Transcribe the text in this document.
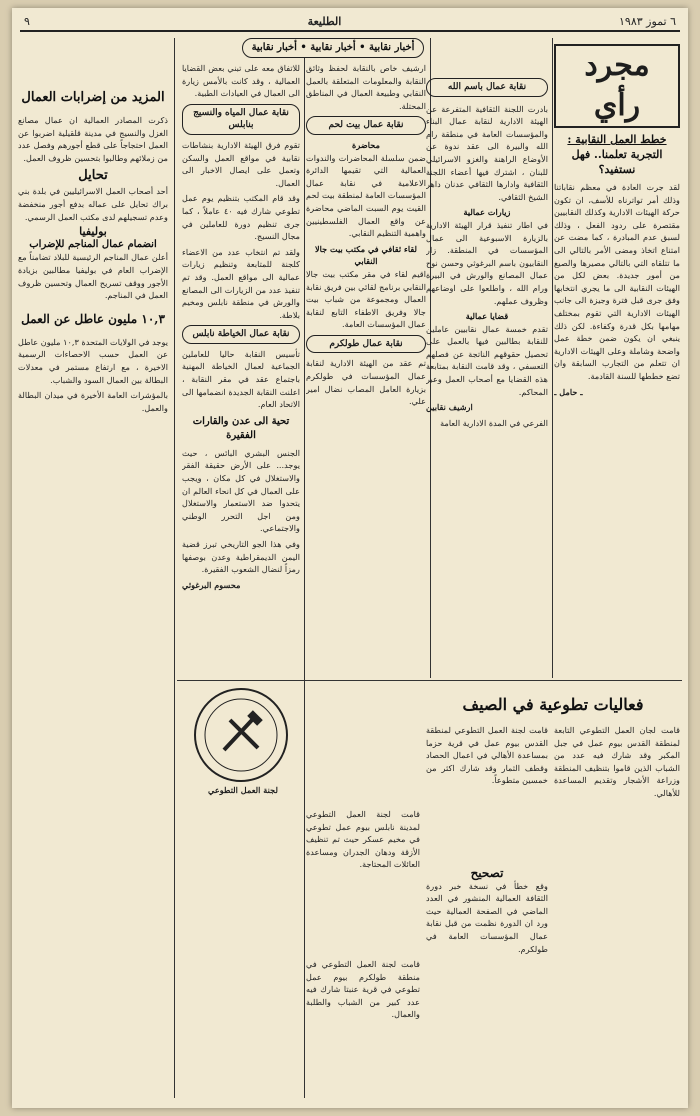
٦ تموز ١٩٨٣
الطليعة
٩
مجرد رأي
خطط العمل النقابية :
التجربة تعلمنا.. فهل نستفيد؟

لقد جرت العادة في معظم نقاباتنا وذلك أمر تواترناه للأسف، ان تكون حركة الهيئات الادارية وكذلك النقابيين مقتصرة على ردود الفعل ، وذلك لسبق عدم المبادرة ، كما مضت عن امتناع اتخاذ ومضى الأمر بالتالي الى ما تتلقاه التي بالتالي مصيرها والصيغ من أمور جديدة. بعض لكل من الهيئات النقابية الى ما يجري انتخابها وفق جرى قبل فترة وجيزة الى جانب الهيئات الادارية التي تقوم بمختلف مهامها بكل قدرة وكفاءة. لكن ذلك ينبغي ان يكون ضمن خطة عمل واضحة وشاملة وعلى الهيئات الادارية ان تتعلم من التجارب السابقة وان تضع خططها للسنة القادمة.

ـ حامل ـ

نقابة عمال باسم الله

بادرت اللجنة الثقافية المتفرعة عن الهيئة الادارية لنقابة عمال البناء والمؤسسات العامة في منطقة رام الله والبيرة الى عقد ندوة عن الأوضاع الراهنة والغزو الاسرائيلي للبنان ، اشترك فيها أعضاء اللجنة الثقافية وادارها الثقافي عدنان داهر الشيخ الثقافي.

زيارات عمالية

في اطار تنفيذ قرار الهيئة الادارية بالزيارة الاسبوعية الى عمال المؤسسات في المنطقة. زار النقابيون باسم البرغوثي وحسن نوح عمال المصانع والورش في البيرة ورام الله ، واطلعوا على اوضاعهم وظروف عملهم.

قضايا عمالية

تقدم خمسة عمال نقابيين عاملين للنقابة بطالبين فيها بالعمل على تحصيل حقوقهم الناتجة عن فصلهم التعسفي ، وقد قامت النقابة بمتابعة هذه القضايا مع أصحاب العمل وعبر المحاكم.

ارشيف نقابين

الفرعي في المدة الادارية العامة

أخبار نقابية • أخبار نقابية • أخبار نقابية

ارشيف خاص بالنقابة لحفظ وثائق النقابة والمعلومات المتعلقة بالعمل النقابي وطبيعة العمال في المناطق المحتلة.

نقابة عمال بيت لحم
محاضرة

ضمن سلسلة المحاضرات والندوات العمالية التي تقيمها الدائرة الاعلامية في نقابة عمال المؤسسات العامة لمنطقة بيت لحم القيت يوم السبت الماضي محاضرة عن واقع العمال الفلسطينيين واهمية التنظيم النقابي.

لقاء ثقافي في مكتب بيت جالا النقابي

اقيم لقاء في مقر مكتب بيت جالا النقابي برنامج لقائي بين فريق نقابة العمال ومجموعة من شباب بيت جالا وفريق الاطفاء التابع لنقابة عمال المؤسسات العامة.

نقابة عمال طولكرم

تم عقد من الهيئة الادارية لنقابة عمال المؤسسات في طولكرم بزيارة العامل المصاب نضال امير علي.

للاتفاق معه على تبني بعض القضايا العمالية ، وقد كانت بالأمس زيارة الى العمال في العيادات الطبية.

نقابة عمال المياه والنسيج بنابلس

تقوم فرق الهيئة الادارية بنشاطات نقابية في مواقع العمل والسكن وتعمل على ايصال الاخبار الى العمال.

وقد قام المكتب بتنظيم يوم عمل تطوعي شارك فيه ٤٠ عاملاً ، كما جرى تنظيم دورة للعاملين في مجال النسيج.

ولقد تم انتخاب عدد من الاعضاء كلجنة للمتابعة وتنظيم زيارات عمالية الى مواقع العمل. وقد تم تنفيذ عدد من الزيارات الى المصانع والورش في منطقة نابلس ومخيم بلاطة.

نقابة عمال الخياطة نابلس

تأسيس النقابة حاليا للعاملين الجماعية لعمال الخياطة المهنية باجتماع عقد في مقر النقابة ، اعلنت النقابة الجديدة انضمامها الى الاتحاد العام.

تحية الى عدن والقارات الفقيرة

الجنس البشري البائس ، حيث يوجد... على الأرض حقيقة الفقر والاستغلال في كل مكان ، ويجب على العمال في كل انحاء العالم ان يتحدوا ضد الاستعمار والاستغلال ومن اجل التحرر الوطني والاجتماعي.

وفي هذا الجو التاريخي تبرز قضية اليمن الديمقراطية وعدن بوصفها رمزاً لنضال الشعوب الفقيرة.

محسوم البرغوثي

المزيد من إضرابات العمال

ذكرت المصادر العمالية ان عمال مصانع الغزل والنسيج في مدينة قلقيلية اضربوا عن العمل احتجاجاً على قطع أجورهم وفصل عدد من زملائهم وطالبوا بتحسين ظروف العمل.

تحايل

أحد أصحاب العمل الاسرائيليين في بلدة بني براك تحايل على عماله بدفع أجور منخفضة وعدم تسجيلهم لدى مكتب العمل الرسمي.

بوليفيا
انضمام عمال المناجم للإضراب

أعلن عمال المناجم الرئيسية للبلاد تضامناً مع الإضراب العام في بوليفيا مطالبين بزيادة الأجور ووقف تسريح العمال وتحسين ظروف العمل في المناجم.

١٠,٣ مليون عاطل عن العمل

يوجد في الولايات المتحدة ١٠,٣ مليون عاطل عن العمل حسب الاحصاءات الرسمية الاخيرة ، مع ارتفاع مستمر في معدلات البطالة بين العمال السود والشباب.

بالمؤشرات العامة الأخيرة في ميدان البطالة والعمل.

فعاليات تطوعية في الصيف
لجنة العمل التطوعي

قامت لجان العمل التطوعي التابعة لمنطقة القدس بيوم عمل في جبل المكبر وقد شارك فيه عدد من الشباب الذين قاموا بتنظيف المنطقة وزراعة الأشجار وتقديم المساعدة للأهالي.

قامت لجنة العمل التطوعي لمنطقة القدس بيوم عمل في قرية حزما بمساعدة الأهالي في اعمال الحصاد وقطف الثمار وقد شارك اكثر من خمسين متطوعاً.

تصحيح

وقع خطأ في نسخة خبر دورة الثقافة العمالية المنشور في العدد الماضي في الصفحة العمالية حيث ورد ان الدورة نظمت من قبل نقابة عمال المؤسسات العامة في طولكرم.

قامت لجنة العمل التطوعي لمدينة نابلس بيوم عمل تطوعي في مخيم عسكر حيث تم تنظيف الأزقة ودهان الجدران ومساعدة العائلات المحتاجة.

قامت لجنة العمل التطوعي في منطقة طولكرم بيوم عمل تطوعي في قرية عنبتا شارك فيه عدد كبير من الشباب والطلبة والعمال.
